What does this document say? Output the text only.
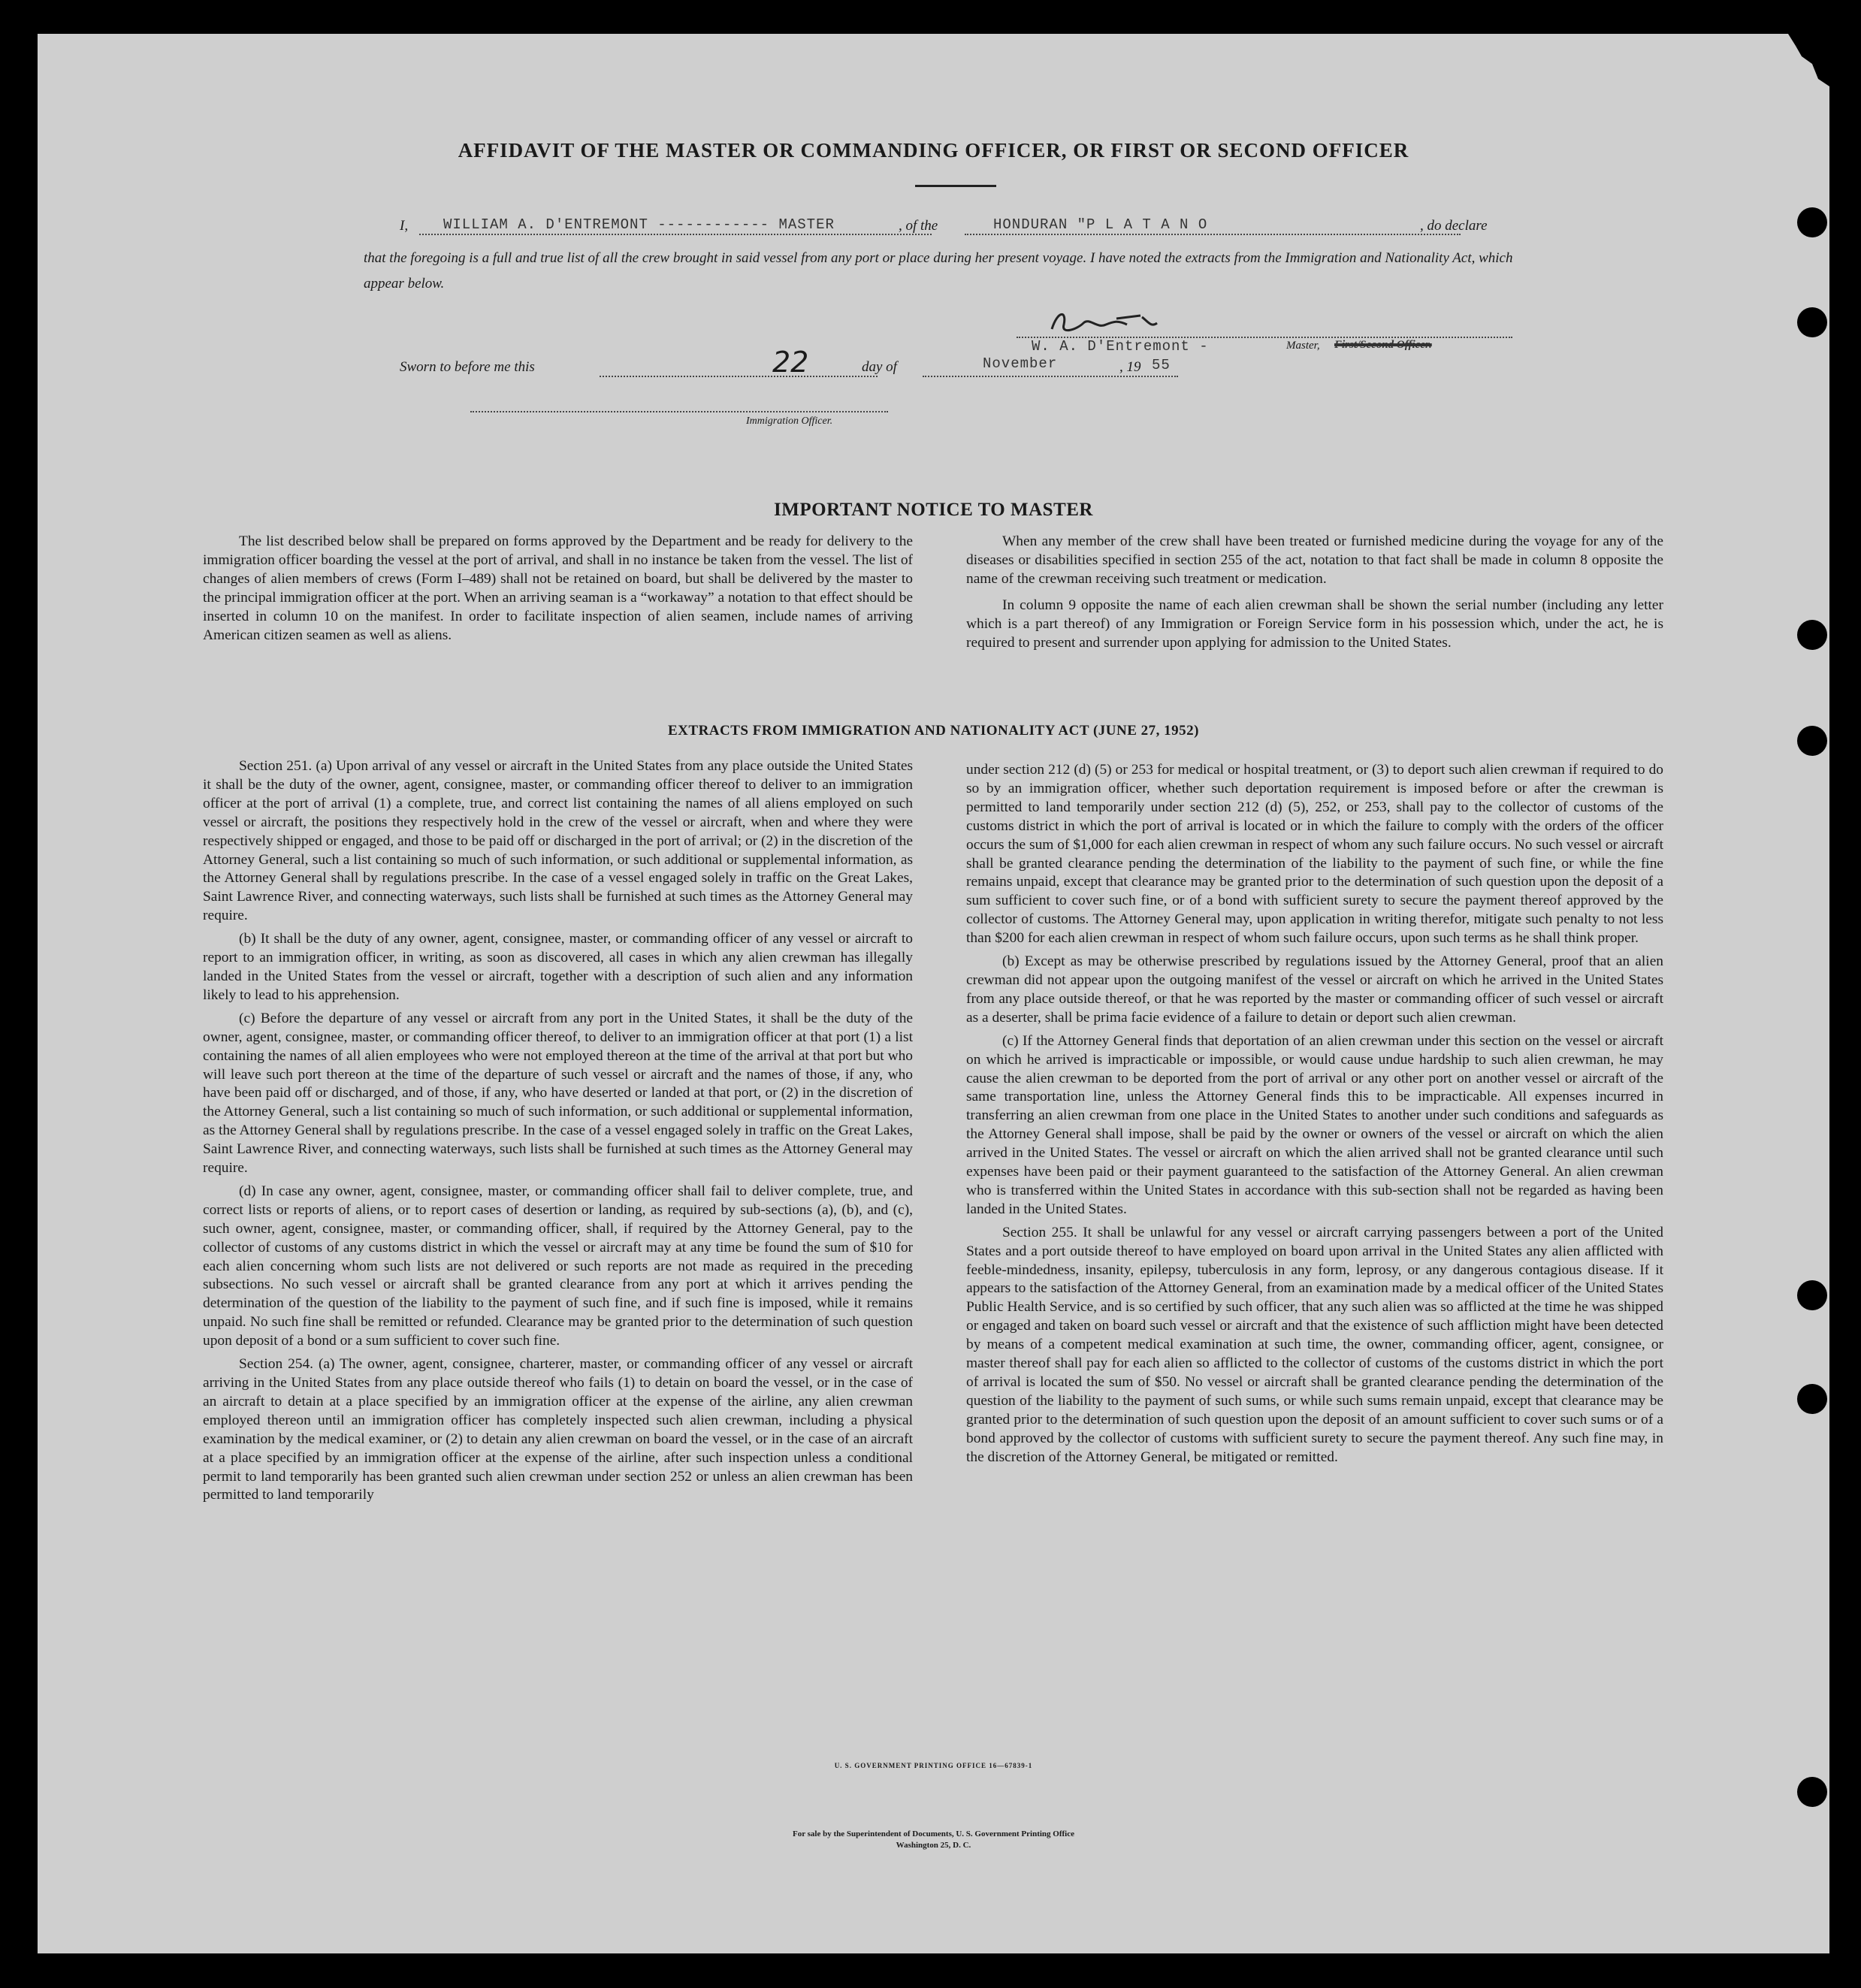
AFFIDAVIT OF THE MASTER OR COMMANDING OFFICER, OR FIRST OR SECOND OFFICER
I, WILLIAM A. D'ENTREMONT ------------ MASTER	, of the	HONDURAN "P L A T A N O	, do declare
that the foregoing is a full and true list of all the crew brought in said vessel from any port or place during her present voyage. I have noted the extracts from the Immigration and Nationality Act, which appear below.
W. A. D'Entremont -	Master, First/Second Officer.
Sworn to before me this	22	day of	November	, 19 55
Immigration Officer.
IMPORTANT NOTICE TO MASTER

The list described below shall be prepared on forms approved by the Department and be ready for delivery to the immigration officer boarding the vessel at the port of arrival, and shall in no instance be taken from the vessel. The list of changes of alien members of crews (Form I–489) shall not be retained on board, but shall be delivered by the master to the principal immigration officer at the port. When an arriving seaman is a “workaway” a notation to that effect should be inserted in column 10 on the manifest. In order to facilitate inspection of alien seamen, include names of arriving American citizen seamen as well as aliens.

When any member of the crew shall have been treated or furnished medicine during the voyage for any of the diseases or disabilities specified in section 255 of the act, notation to that fact shall be made in column 8 opposite the name of the crewman receiving such treatment or medication.

In column 9 opposite the name of each alien crewman shall be shown the serial number (including any letter which is a part thereof) of any Immigration or Foreign Service form in his possession which, under the act, he is required to present and surrender upon applying for admission to the United States.

EXTRACTS FROM IMMIGRATION AND NATIONALITY ACT (JUNE 27, 1952)

Section 251. (a) Upon arrival of any vessel or aircraft in the United States from any place outside the United States it shall be the duty of the owner, agent, consignee, master, or commanding officer thereof to deliver to an immigration officer at the port of arrival (1) a complete, true, and correct list containing the names of all aliens employed on such vessel or aircraft, the positions they respectively hold in the crew of the vessel or aircraft, when and where they were respectively shipped or engaged, and those to be paid off or discharged in the port of arrival; or (2) in the discretion of the Attorney General, such a list containing so much of such information, or such additional or supplemental information, as the Attorney General shall by regulations prescribe. In the case of a vessel engaged solely in traffic on the Great Lakes, Saint Lawrence River, and connecting waterways, such lists shall be furnished at such times as the Attorney General may require.

(b) It shall be the duty of any owner, agent, consignee, master, or commanding officer of any vessel or aircraft to report to an immigration officer, in writing, as soon as discovered, all cases in which any alien crewman has illegally landed in the United States from the vessel or aircraft, together with a description of such alien and any information likely to lead to his apprehension.

(c) Before the departure of any vessel or aircraft from any port in the United States, it shall be the duty of the owner, agent, consignee, master, or commanding officer thereof, to deliver to an immigration officer at that port (1) a list containing the names of all alien employees who were not employed thereon at the time of the arrival at that port but who will leave such port thereon at the time of the departure of such vessel or aircraft and the names of those, if any, who have been paid off or discharged, and of those, if any, who have deserted or landed at that port, or (2) in the discretion of the Attorney General, such a list containing so much of such information, or such additional or supplemental information, as the Attorney General shall by regulations prescribe. In the case of a vessel engaged solely in traffic on the Great Lakes, Saint Lawrence River, and connecting waterways, such lists shall be furnished at such times as the Attorney General may require.

(d) In case any owner, agent, consignee, master, or commanding officer shall fail to deliver complete, true, and correct lists or reports of aliens, or to report cases of desertion or landing, as required by sub-sections (a), (b), and (c), such owner, agent, consignee, master, or commanding officer, shall, if required by the Attorney General, pay to the collector of customs of any customs district in which the vessel or aircraft may at any time be found the sum of $10 for each alien concerning whom such lists are not delivered or such reports are not made as required in the preceding subsections. No such vessel or aircraft shall be granted clearance from any port at which it arrives pending the determination of the question of the liability to the payment of such fine, and if such fine is imposed, while it remains unpaid. No such fine shall be remitted or refunded. Clearance may be granted prior to the determination of such question upon deposit of a bond or a sum sufficient to cover such fine.

Section 254. (a) The owner, agent, consignee, charterer, master, or commanding officer of any vessel or aircraft arriving in the United States from any place outside thereof who fails (1) to detain on board the vessel, or in the case of an aircraft to detain at a place specified by an immigration officer at the expense of the airline, any alien crewman employed thereon until an immigration officer has completely inspected such alien crewman, including a physical examination by the medical examiner, or (2) to detain any alien crewman on board the vessel, or in the case of an aircraft at a place specified by an immigration officer at the expense of the airline, after such inspection unless a conditional permit to land temporarily has been granted such alien crewman under section 252 or unless an alien crewman has been permitted to land temporarily

under section 212 (d) (5) or 253 for medical or hospital treatment, or (3) to deport such alien crewman if required to do so by an immigration officer, whether such deportation requirement is imposed before or after the crewman is permitted to land temporarily under section 212 (d) (5), 252, or 253, shall pay to the collector of customs of the customs district in which the port of arrival is located or in which the failure to comply with the orders of the officer occurs the sum of $1,000 for each alien crewman in respect of whom any such failure occurs. No such vessel or aircraft shall be granted clearance pending the determination of the liability to the payment of such fine, or while the fine remains unpaid, except that clearance may be granted prior to the determination of such question upon the deposit of a sum sufficient to cover such fine, or of a bond with sufficient surety to secure the payment thereof approved by the collector of customs. The Attorney General may, upon application in writing therefor, mitigate such penalty to not less than $200 for each alien crewman in respect of whom such failure occurs, upon such terms as he shall think proper.

(b) Except as may be otherwise prescribed by regulations issued by the Attorney General, proof that an alien crewman did not appear upon the outgoing manifest of the vessel or aircraft on which he arrived in the United States from any place outside thereof, or that he was reported by the master or commanding officer of such vessel or aircraft as a deserter, shall be prima facie evidence of a failure to detain or deport such alien crewman.

(c) If the Attorney General finds that deportation of an alien crewman under this section on the vessel or aircraft on which he arrived is impracticable or impossible, or would cause undue hardship to such alien crewman, he may cause the alien crewman to be deported from the port of arrival or any other port on another vessel or aircraft of the same transportation line, unless the Attorney General finds this to be impracticable. All expenses incurred in transferring an alien crewman from one place in the United States to another under such conditions and safeguards as the Attorney General shall impose, shall be paid by the owner or owners of the vessel or aircraft on which the alien arrived in the United States. The vessel or aircraft on which the alien arrived shall not be granted clearance until such expenses have been paid or their payment guaranteed to the satisfaction of the Attorney General. An alien crewman who is transferred within the United States in accordance with this sub-section shall not be regarded as having been landed in the United States.

Section 255. It shall be unlawful for any vessel or aircraft carrying passengers between a port of the United States and a port outside thereof to have employed on board upon arrival in the United States any alien afflicted with feeble-mindedness, insanity, epilepsy, tuberculosis in any form, leprosy, or any dangerous contagious disease. If it appears to the satisfaction of the Attorney General, from an examination made by a medical officer of the United States Public Health Service, and is so certified by such officer, that any such alien was so afflicted at the time he was shipped or engaged and taken on board such vessel or aircraft and that the existence of such affliction might have been detected by means of a competent medical examination at such time, the owner, commanding officer, agent, consignee, or master thereof shall pay for each alien so afflicted to the collector of customs of the customs district in which the port of arrival is located the sum of $50. No vessel or aircraft shall be granted clearance pending the determination of the question of the liability to the payment of such sums, or while such sums remain unpaid, except that clearance may be granted prior to the determination of such question upon the deposit of an amount sufficient to cover such sums or of a bond approved by the collector of customs with sufficient surety to secure the payment thereof. Any such fine may, in the discretion of the Attorney General, be mitigated or remitted.

U. S. GOVERNMENT PRINTING OFFICE 16—67839-1
For sale by the Superintendent of Documents, U. S. Government Printing Office
Washington 25, D. C.
